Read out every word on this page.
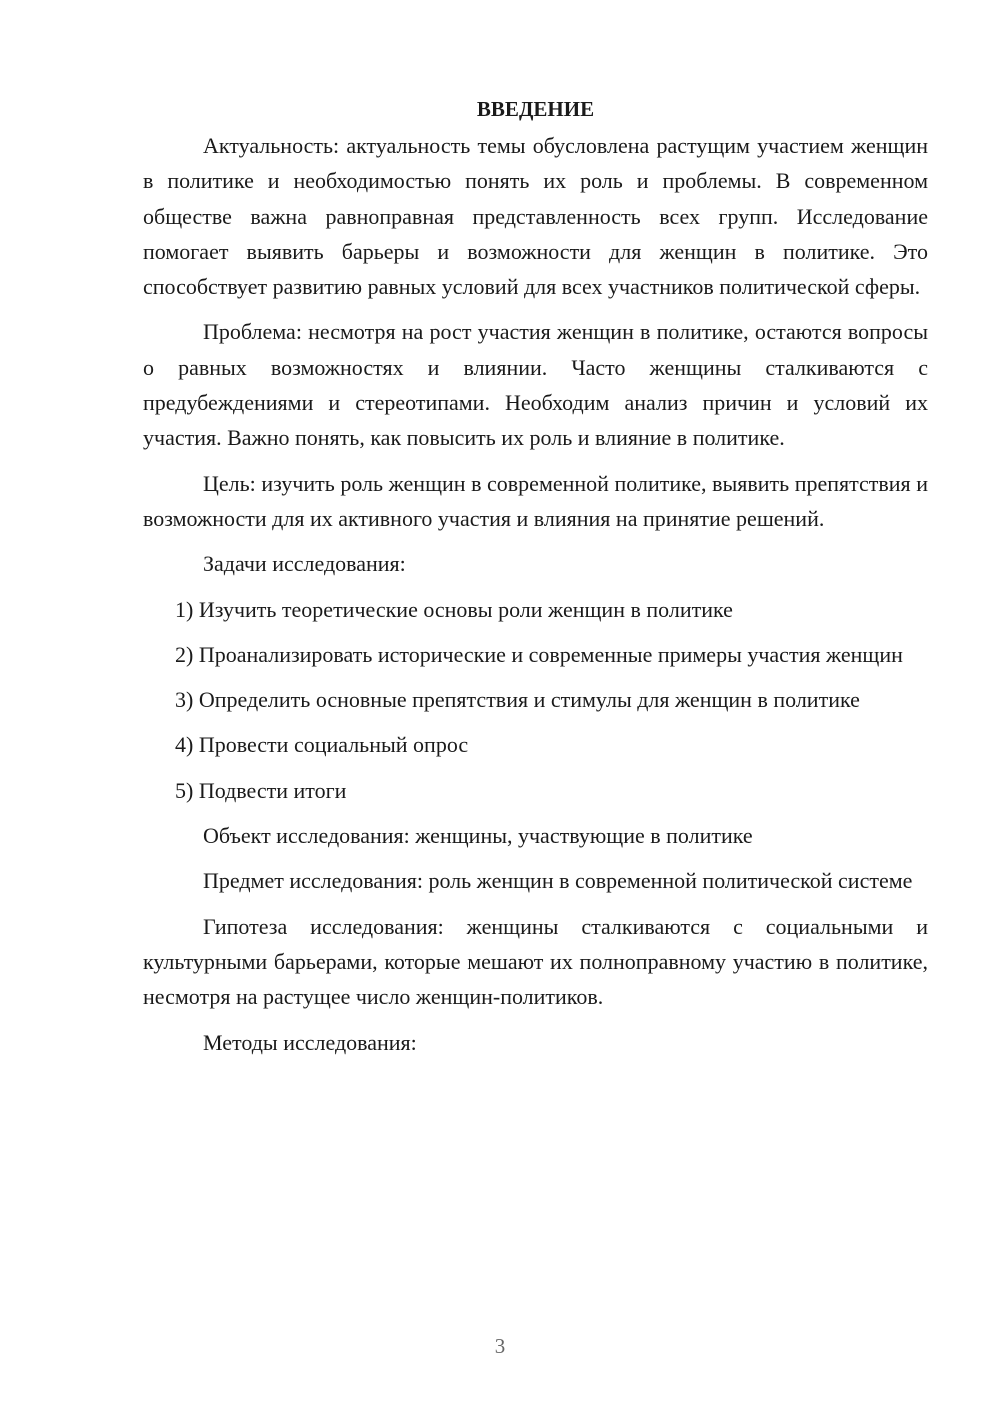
ВВЕДЕНИЕ

Актуальность: актуальность темы обусловлена растущим участием женщин в политике и необходимостью понять их роль и проблемы. В современном обществе важна равноправная представленность всех групп. Исследование помогает выявить барьеры и возможности для женщин в политике. Это способствует развитию равных условий для всех участников политической сферы.

Проблема: несмотря на рост участия женщин в политике, остаются вопросы о равных возможностях и влиянии. Часто женщины сталкиваются с предубеждениями и стереотипами. Необходим анализ причин и условий их участия. Важно понять, как повысить их роль и влияние в политике.

Цель: изучить роль женщин в современной политике, выявить препятствия и возможности для их активного участия и влияния на принятие решений.

Задачи исследования:

1) Изучить теоретические основы роли женщин в политике

2) Проанализировать исторические и современные примеры участия женщин

3) Определить основные препятствия и стимулы для женщин в политике

4) Провести социальный опрос

5) Подвести итоги

Объект исследования: женщины, участвующие в политике

Предмет исследования: роль женщин в современной политической системе

Гипотеза исследования: женщины сталкиваются с социальными и культурными барьерами, которые мешают их полноправному участию в политике, несмотря на растущее число женщин-политиков.

Методы исследования:

3
